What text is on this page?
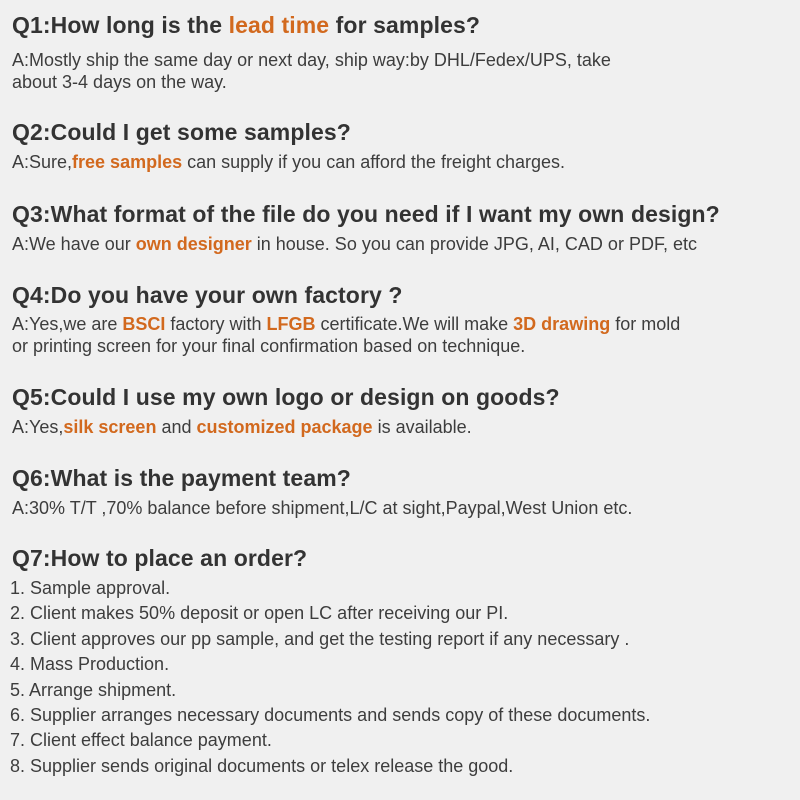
Q1:How long is the lead time for samples?
A:Mostly ship the same day or next day, ship way:by DHL/Fedex/UPS, take
about 3-4 days on the way.
Q2:Could I get some samples?
A:Sure,free samples can supply if you can afford the freight charges.
Q3:What format of the file do you need if I want my own design?
A:We have our own designer in house. So you can provide JPG, AI, CAD or PDF, etc
Q4:Do you have your own factory ?
A:Yes,we are BSCI factory with LFGB certificate.We will make 3D drawing for mold
or printing screen for your final confirmation based on technique.
Q5:Could I use my own logo or design on goods?
A:Yes,silk screen and customized package is available.
Q6:What is the payment team?
A:30% T/T ,70% balance before shipment,L/C at sight,Paypal,West Union etc.
Q7:How to place an order?
1. Sample approval.
2. Client makes 50% deposit or open LC after receiving our PI.
3. Client approves our pp sample, and get the testing report if any necessary .
4. Mass Production.
5. Arrange shipment.
6. Supplier arranges necessary documents and sends copy of these documents.
7. Client effect balance payment.
8. Supplier sends original documents or telex release the good.
